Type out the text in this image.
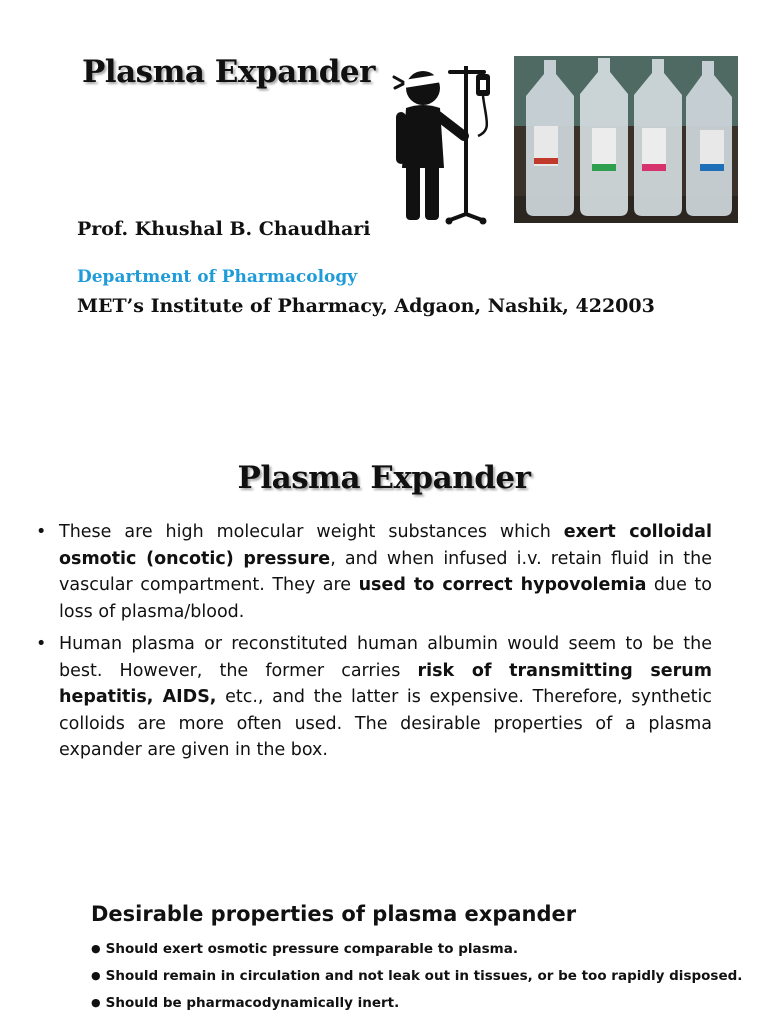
Plasma Expander
Prof. Khushal B. Chaudhari
Department of Pharmacology
MET’s Institute of Pharmacy, Adgaon, Nashik, 422003
Plasma Expander
• These are high molecular weight substances which exert colloidal osmotic (oncotic) pressure, and when infused i.v. retain fluid in the vascular compartment. They are used to correct hypovolemia due to loss of plasma/blood.
• Human plasma or reconstituted human albumin would seem to be the best. However, the former carries risk of transmitting serum hepatitis, AIDS, etc., and the latter is expensive. Therefore, synthetic colloids are more often used. The desirable properties of a plasma expander are given in the box.
Desirable properties of plasma expander
● Should exert osmotic pressure comparable to plasma.
● Should remain in circulation and not leak out in tissues, or be too rapidly disposed.
● Should be pharmacodynamically inert.
